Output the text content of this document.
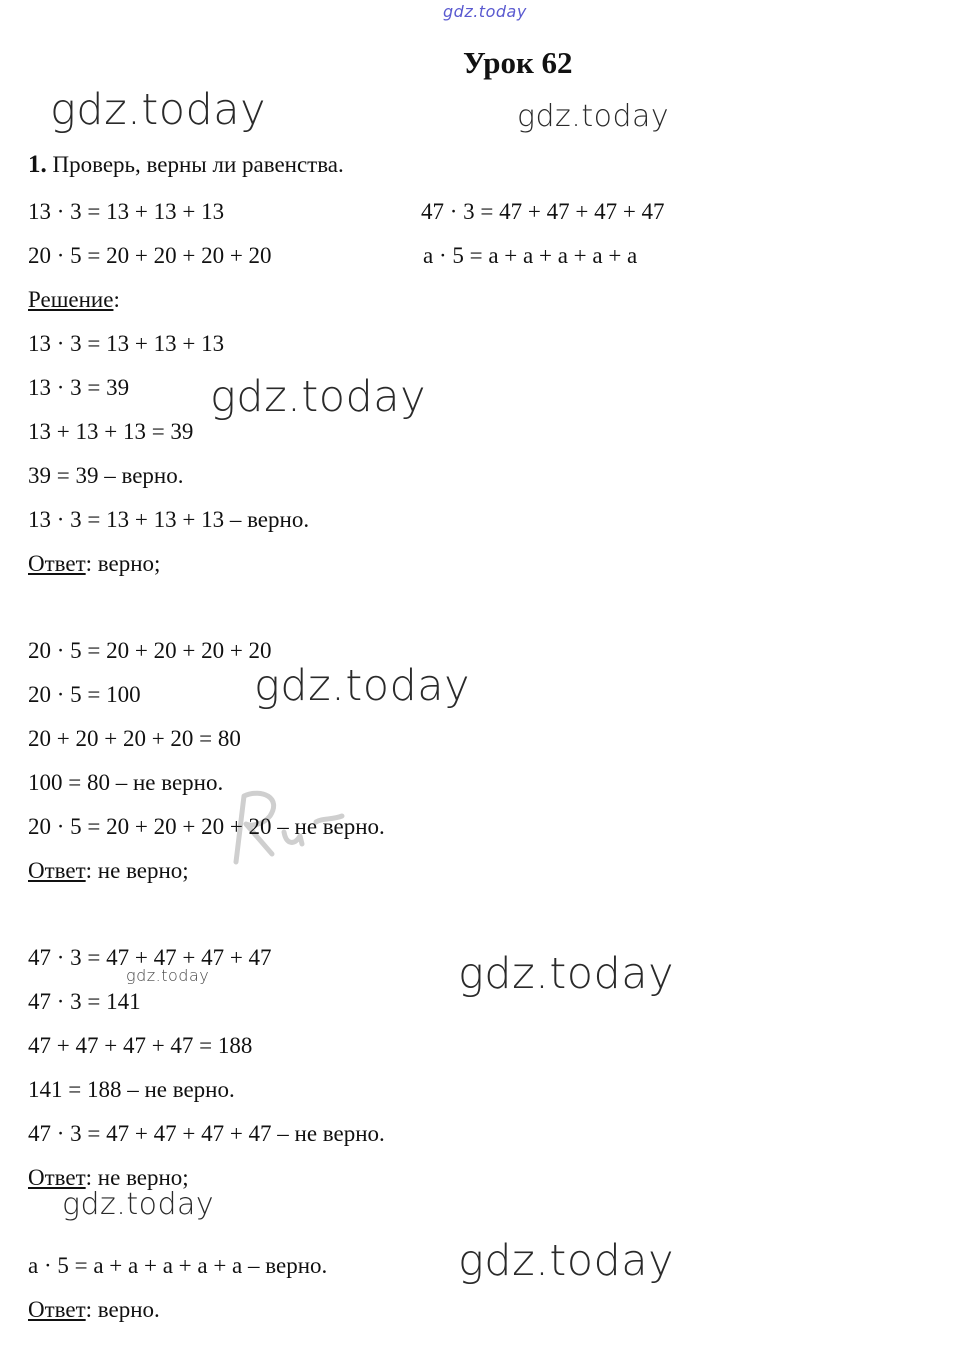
gdz.today
gdz.today	gdz.today
gdz.today
gdz.today
gdz.today
gdz.today
gdz.today
gdz.today
Урок 62
1. Проверь, верны ли равенства.
13 · 3 = 13 + 13 + 13	47 · 3 = 47 + 47 + 47 + 47
20 · 5 = 20 + 20 + 20 + 20	a · 5 = a + a + a + a + a
Решение:
13 · 3 = 13 + 13 + 13
13 · 3 = 39
13 + 13 + 13 = 39
39 = 39 – верно.
13 · 3 = 13 + 13 + 13 – верно.
Ответ: верно;
20 · 5 = 20 + 20 + 20 + 20
20 · 5 = 100
20 + 20 + 20 + 20 = 80
100 = 80 – не верно.
20 · 5 = 20 + 20 + 20 + 20 – не верно.
Ответ: не верно;
47 · 3 = 47 + 47 + 47 + 47
47 · 3 = 141
47 + 47 + 47 + 47 = 188
141 = 188 – не верно.
47 · 3 = 47 + 47 + 47 + 47 – не верно.
Ответ: не верно;
a · 5 = a + a + a + a + a – верно.
Ответ: верно.
